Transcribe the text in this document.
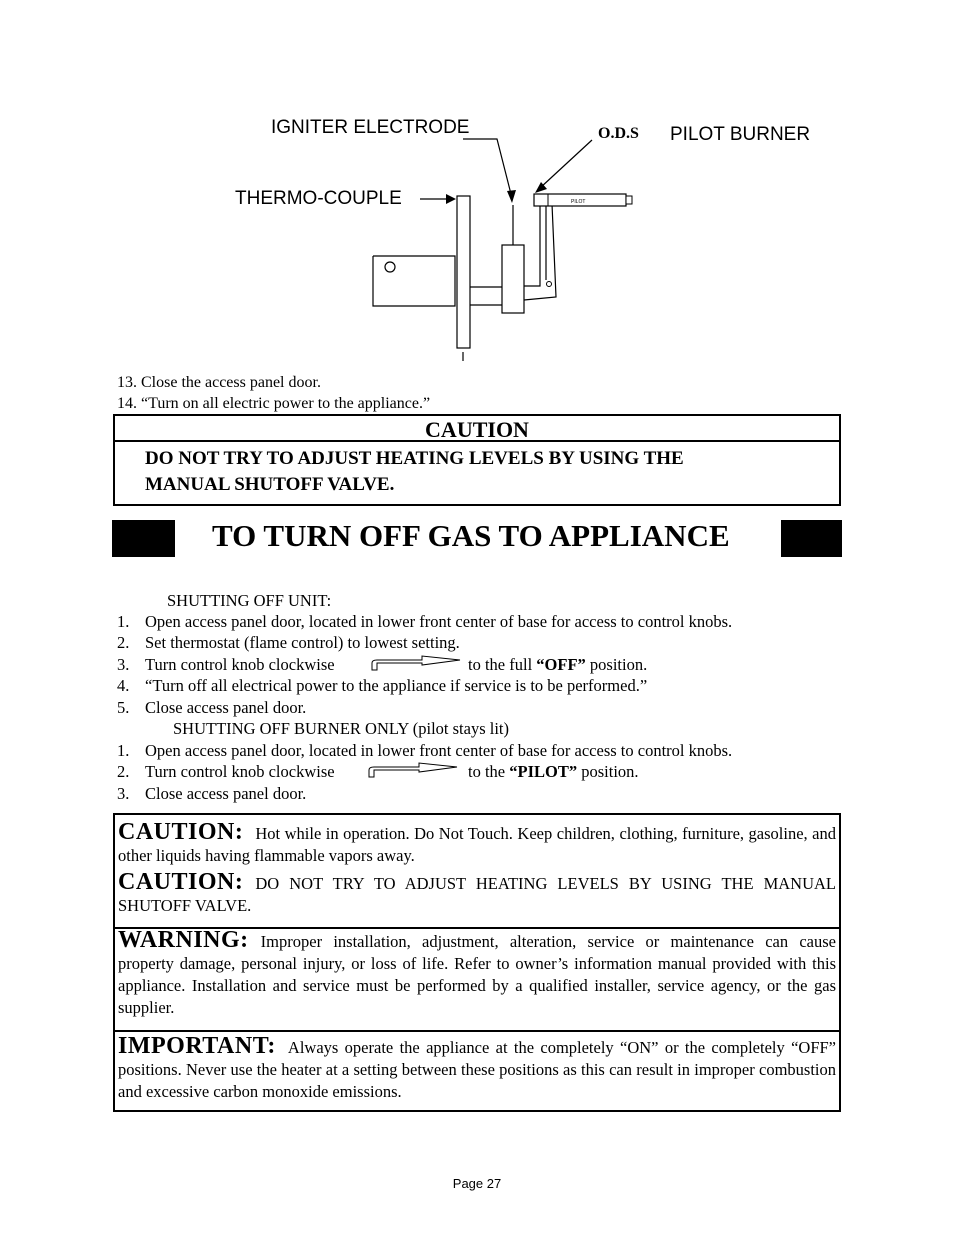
IGNITER ELECTRODE	O.D.S PILOT BURNER
THERMO-COUPLE	PILOT
13. Close the access panel door.
14. “Turn on all electric power to the appliance.”
CAUTION
DO NOT TRY TO ADJUST HEATING LEVELS BY USING THE
MANUAL SHUTOFF VALVE.
TO TURN OFF GAS TO APPLIANCE
SHUTTING OFF UNIT:
1. Open access panel door, located in lower front center of base for access to control knobs.
2. Set thermostat (flame control) to lowest setting.
3. Turn control knob clockwise	to the full “OFF” position.
4. “Turn off all electrical power to the appliance if service is to be performed.”
5. Close access panel door.
SHUTTING OFF BURNER ONLY (pilot stays lit)
1. Open access panel door, located in lower front center of base for access to control knobs.
2. Turn control knob clockwise	to the “PILOT” position.
3. Close access panel door.
CAUTION: Hot while in operation. Do Not Touch. Keep children, clothing, furniture, gasoline, and other liquids having flammable vapors away.
CAUTION: DO NOT TRY TO ADJUST HEATING LEVELS BY USING THE MANUAL SHUTOFF VALVE.
WARNING: Improper installation, adjustment, alteration, service or maintenance can cause property damage, personal injury, or loss of life. Refer to owner’s information manual provided with this appliance. Installation and service must be performed by a qualified installer, service agency, or the gas supplier.
IMPORTANT: Always operate the appliance at the completely “ON” or the completely “OFF” positions. Never use the heater at a setting between these positions as this can result in improper combustion and excessive carbon monoxide emissions.
Page 27
